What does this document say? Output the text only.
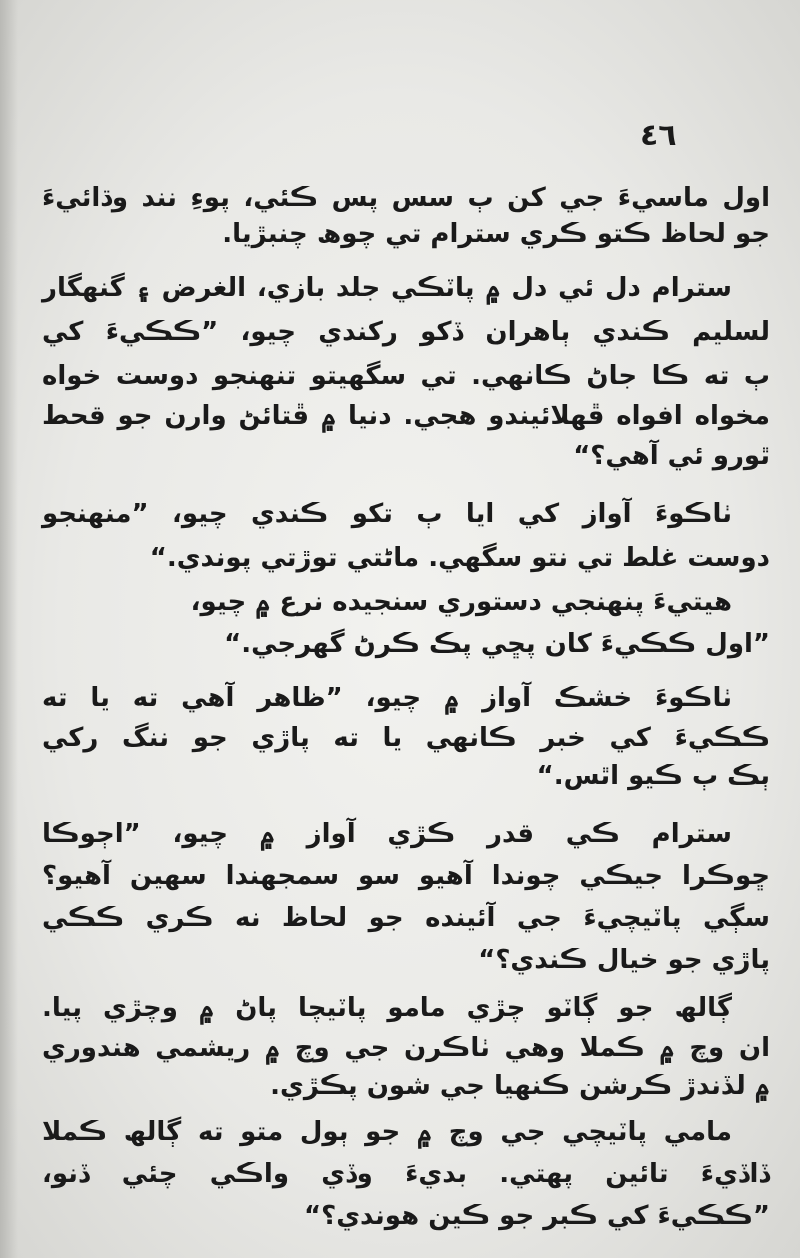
٤٦
اول ماسيءَ جي کن ٻ سس پس ڪئي، پوءِ نند وڌائيءَ
جو لحاظ ڪتو ڪري سترام تي چوھ چنبڙيا.
سترام دل ئي دل ۾ پاٽڪي جلد بازي، الغرض ۽ گنهگار
لسليم ڪندي ٻاهران ڏکو رکندي چيو، ”ڪڪيءَ کي
ٻ ته ڪا جاڻ ڪانهي. تي سگهيتو تنهنجو دوست خواه
مخواه افواه ڦهلائيندو هجي. دنيا ۾ ڦتائڻ وارن جو قحط
ٿورو ئي آهي؟“
ٺاڪوءَ آواز کي ايا ٻ تکو ڪندي چيو، ”منهنجو
دوست غلط تي نتو سگهي. ماڻتي توڙتي پوندي.“
هيتيءَ پنهنجي دستوري سنجيده نرع ۾ چيو،
”اول ڪڪيءَ کان پڇي پڪ ڪرڻ گهرجي.“
ٺاڪوءَ خشڪ آواز ۾ چيو، ”ظاهر آهي ته يا ته
ڪڪيءَ کي خبر ڪانهي يا ته پاڙي جو ننگ رکي
ٻڪ ٻ ڪيو اٿس.“
سترام ڪي قدر ڪڙي آواز ۾ چيو، ”اڄوڪا
ڇوڪرا جيڪي چوندا آهيو سو سمجهندا سهين آهيو؟
سڳي پاٽيچيءَ جي آئينده جو لحاظ نه ڪري ڪڪي
پاڙي جو خيال ڪندي؟“
ڳالھ جو ڳاٽو چڙي مامو پاٽيچا پاڻ ۾ وچڙي پيا.
ان وچ ۾ ڪملا وهي ٺاڪرن جي وچ ۾ ريشمي هندوري
۾ لڏندڙ ڪرشن ڪنهيا جي شون پڪڙي.
مامي پاٽيچي جي وچ ۾ جو ٻول متو ته ڳالھ ڪملا
ڏاڏيءَ تائين پهتي. بديءَ وڏي واڪي چئي ڏنو،
”ڪڪيءَ کي ڪبر جو ڪين هوندي؟“
